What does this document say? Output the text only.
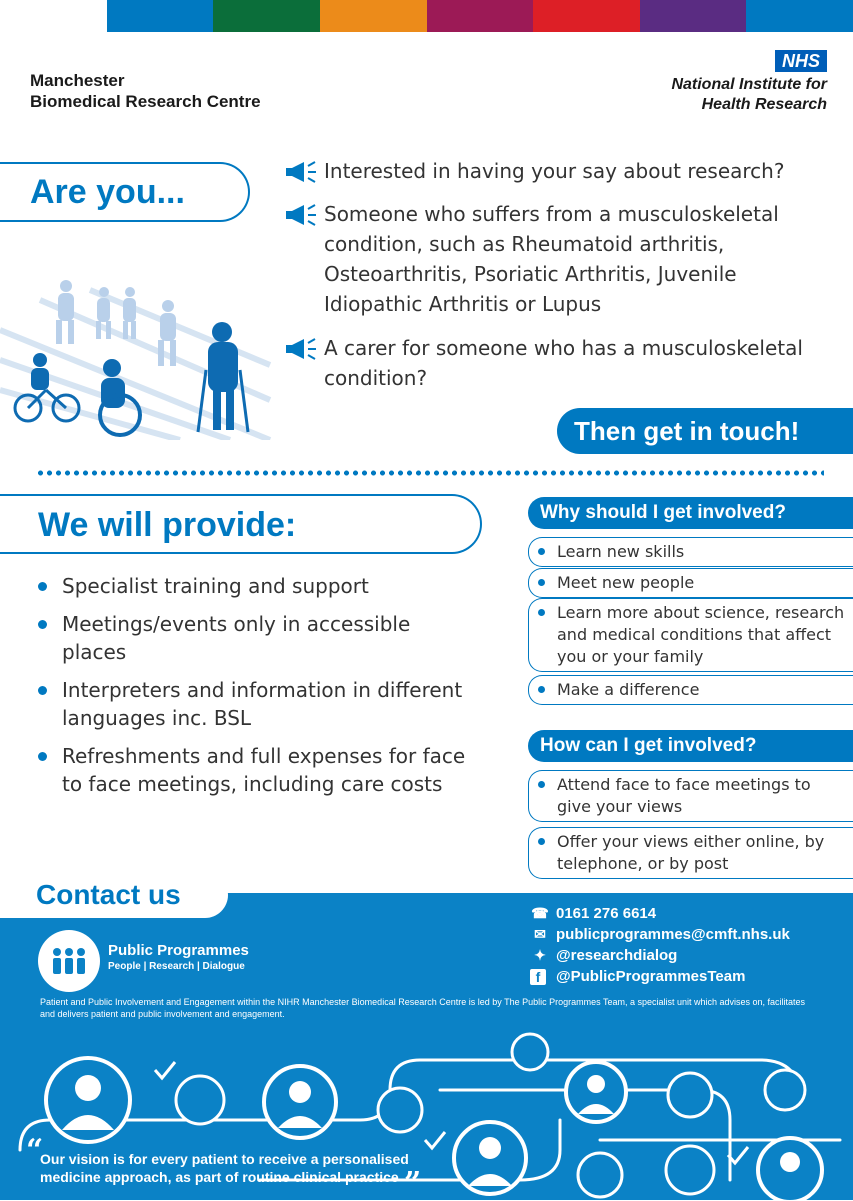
Manchester
Biomedical Research Centre
NHS
National Institute for
Health Research
Are you...
Interested in having your say about research?
Someone who suffers from a musculoskeletal condition, such as Rheumatoid arthritis, Osteoarthritis, Psoriatic Arthritis, Juvenile Idiopathic Arthritis or Lupus
A carer for someone who has a musculoskeletal condition?
Then get in touch!
We will provide:
Specialist training and support
Meetings/events only in accessible places
Interpreters and information in different languages inc. BSL
Refreshments and full expenses for face to face meetings, including care costs
Why should I get involved?
Learn new skills
Meet new people
Learn more about science, research and medical conditions that affect you or your family
Make a difference
How can I get involved?
Attend face to face meetings to give your views
Offer your views either online, by telephone, or by post
Contact us
Public Programmes
People | Research | Dialogue
☎ 0161 276 6614
✉ publicprogrammes@cmft.nhs.uk
✦ @researchdialog
f	@PublicProgrammesTeam
Patient and Public Involvement and Engagement within the NIHR Manchester Biomedical Research Centre is led by The Public Programmes Team, a specialist unit which advises on, facilitates and delivers patient and public involvement and engagement.
“
Our vision is for every patient to receive a personalised medicine approach, as part of routine clinical practice ”
